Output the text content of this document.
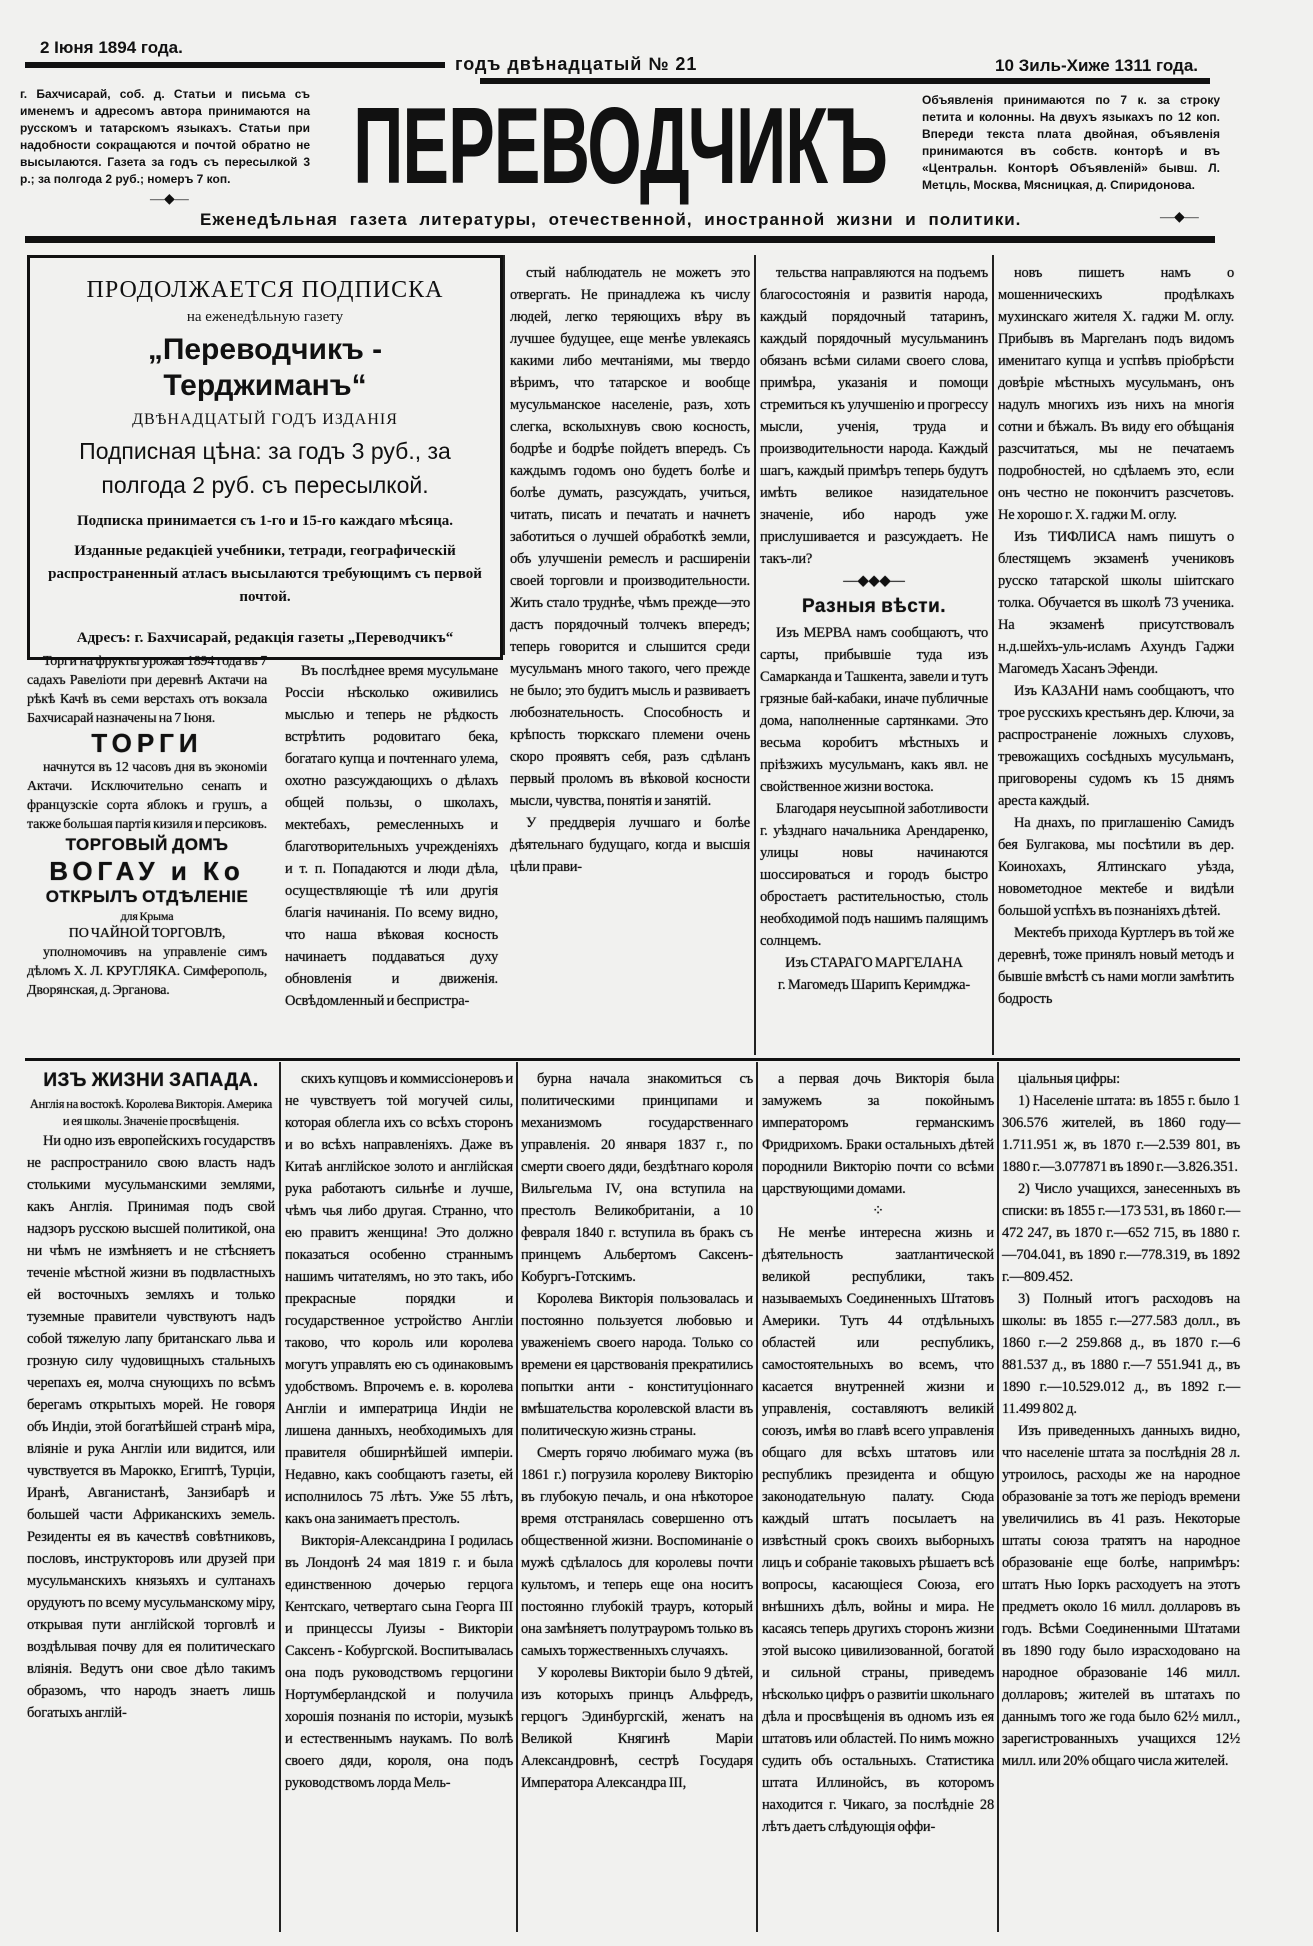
2 Іюня 1894 года.
годъ двѣнадцатый № 21	10 Зиль-Хиже 1311 года.
г. Бахчисарай, соб. д. Статьи и письма съ именемъ и адресомъ автора принимаются на русскомъ и татарскомъ языкахъ. Статьи при надобности сокращаются и почтой обратно не высылаются. Газета за годъ съ пересылкой 3 р.; за полгода 2 руб.; номеръ 7 коп.
—◆—	ПЕРЕВОДЧИКЪ	Объявленія принимаются по 7 к. за строку петита и колонны. На двухъ языкахъ по 12 коп. Впереди текста плата двойная, объявленія принимаются въ собств. конторѣ и въ «Центральн. Конторѣ Объявленій» бывш. Л. Метцль, Москва, Мясницкая, д. Спиридонова.
—◆—
Еженедѣльная газета литературы, отечественной, иностранной жизни и политики.
ПРОДОЛЖАЕТСЯ ПОДПИСКА
на еженедѣльную газету
„Переводчикъ - Терджиманъ“
ДВѢНАДЦАТЫЙ ГОДЪ ИЗДАНІЯ
Подписная цѣна: за годъ 3 руб., за полгода 2 руб. съ пересылкой.
Подписка принимается съ 1-го и 15-го каждаго мѣсяца.
Изданные редакціей учебники, тетради, географическій распространенный атласъ высылаются требующимъ съ первой почтой.
Адресъ: г. Бахчисарай, редакція газеты „Переводчикъ“

Торги на фрукты урожая 1894 года въ 7 садахъ Равеліоти при деревнѣ Актачи на рѣкѣ Качѣ въ семи верстахъ отъ вокзала Бахчисарай назначены на 7 Іюня.

ТОРГИ

начнутся въ 12 часовъ дня въ экономіи Актачи. Исключительно сенапъ и французскіе сорта яблокъ и грушъ, а также большая партія кизиля и персиковъ.

ТОРГОВЫЙ ДОМЪ

ВОГАУ и Ко

ОТКРЫЛЪ ОТДѢЛЕНІЕ

для Крыма

ПО ЧАЙНОЙ ТОРГОВЛѢ,

уполномочивъ на управленіе симъ дѣломъ Х. Л. КРУГЛЯКА. Симферополь, Дворянская, д. Эрганова.

Въ послѣднее время мусульмане Россіи нѣсколько оживились мыслью и теперь не рѣдкость встрѣтить родовитаго бека, богатаго купца и почтеннаго улема, охотно разсуждающихъ о дѣлахъ общей пользы, о школахъ, мектебахъ, ремесленныхъ и благотворительныхъ учрежденіяхъ и т. п. Попадаются и люди дѣла, осуществляющіе тѣ или другія благія начинанія. По всему видно, что наша вѣковая косность начинаетъ поддаваться духу обновленія и движенія. Освѣдомленный и беспристра-

стый наблюдатель не можетъ это отвергать. Не принадлежа къ числу людей, легко теряющихъ вѣру въ лучшее будущее, еще менѣе увлекаясь какими либо мечтаніями, мы твердо вѣримъ, что татарское и вообще мусульманское населеніе, разъ, хоть слегка, всколыхнувъ свою косность, бодрѣе и бодрѣе пойдетъ впередъ. Съ каждымъ годомъ оно будетъ болѣе и болѣе думать, разсуждать, учиться, читать, писать и печатать и начнетъ заботиться о лучшей обработкѣ земли, объ улучшеніи ремеслъ и расширеніи своей торговли и производительности. Жить стало труднѣе, чѣмъ прежде—это дастъ порядочный толчекъ впередъ; теперь говорится и слышится среди мусульманъ много такого, чего прежде не было; это будитъ мысль и развиваетъ любознательность. Способность и крѣпость тюркскаго племени очень скоро проявятъ себя, разъ сдѣланъ первый проломъ въ вѣковой косности мысли, чувства, понятія и занятій.

У преддверія лучшаго и болѣе дѣятельнаго будущаго, когда и высшія цѣли прави-

тельства направляются на подъемъ благосостоянія и развитія народа, каждый порядочный татаринъ, каждый порядочный мусульманинъ обязанъ всѣми силами своего слова, примѣра, указанія и помощи стремиться къ улучшенію и прогрессу мысли, ученія, труда и производительности народа. Каждый шагъ, каждый примѣръ теперь будутъ имѣть великое назидательное значеніе, ибо народъ уже прислушивается и разсуждаетъ. Не такъ-ли?

—◆◆◆—

Разныя вѣсти.

Изъ МЕРВА намъ сообщаютъ, что сарты, прибывшіе туда изъ Самарканда и Ташкента, завели и тутъ грязные бай-кабаки, иначе публичные дома, наполненные сартянками. Это весьма коробитъ мѣстныхъ и пріѣзжихъ мусульманъ, какъ явл. не свойственное жизни востока.

Благодаря неусыпной заботливости г. уѣзднаго начальника Арендаренко, улицы новы начинаются шоссироваться и городъ быстро обростаетъ растительностью, столь необходимой подъ нашимъ палящимъ солнцемъ.

Изъ СТАРАГО МАРГЕЛАНА

г. Магомедъ Шарипъ Керимджа-

новъ пишетъ намъ о мошенническихъ продѣлкахъ мухинскаго жителя Х. гаджи М. оглу. Прибывъ въ Маргеланъ подъ видомъ именитаго купца и успѣвъ пріобрѣсти довѣріе мѣстныхъ мусульманъ, онъ надулъ многихъ изъ нихъ на многія сотни и бѣжалъ. Въ виду его обѣщанія разсчитаться, мы не печатаемъ подробностей, но сдѣлаемъ это, если онъ честно не покончитъ разсчетовъ. Не хорошо г. Х. гаджи М. оглу.

Изъ ТИФЛИСА намъ пишутъ о блестящемъ экзаменѣ учениковъ русско татарской школы шіитскаго толка. Обучается въ школѣ 73 ученика. На экзаменѣ присутствовалъ н.д.шейхъ-уль-исламъ Ахундъ Гаджи Магомедъ Хасанъ Эфенди.

Изъ КАЗАНИ намъ сообщаютъ, что трое русскихъ крестьянъ дер. Ключи, за распространеніе ложныхъ слуховъ, тревожащихъ сосѣдныхъ мусульманъ, приговорены судомъ къ 15 днямъ ареста каждый.

На днахъ, по приглашенію Самидъ бея Булгакова, мы посѣтили въ дер. Коинохахъ, Ялтинскаго уѣзда, новометодное мектебе и видѣли большой успѣхъ въ познаніяхъ дѣтей.

Мектебъ прихода Куртлеръ въ той же деревнѣ, тоже принялъ новый методъ и бывшіе вмѣстѣ съ нами могли замѣтить бодрость

ИЗЪ ЖИЗНИ ЗАПАДА.

Англія на востокѣ. Королева Викторія. Америка и ея школы. Значеніе просвѣщенія.

Ни одно изъ европейскихъ государствъ не распространило свою власть надъ столькими мусульманскими землями, какъ Англія. Принимая подъ свой надзоръ русскою высшей политикой, она ни чѣмъ не измѣняетъ и не стѣсняетъ теченіе мѣстной жизни въ подвластныхъ ей восточныхъ земляхъ и только туземные правители чувствуютъ надъ собой тяжелую лапу британскаго льва и грозную силу чудовищныхъ стальныхъ черепахъ ея, молча снующихъ по всѣмъ берегамъ открытыхъ морей. Не говоря объ Индіи, этой богатѣйшей странѣ міра, вліяніе и рука Англіи или видится, или чувствуется въ Марокко, Египтѣ, Турціи, Иранѣ, Авганистанѣ, Занзибарѣ и большей части Африканскихъ земель. Резиденты ея въ качествѣ совѣтниковъ, пословъ, инструкторовъ или друзей при мусульманскихъ князьяхъ и султанахъ орудуютъ по всему мусульманскому міру, открывая пути англійской торговлѣ и воздѣлывая почву для ея политическаго вліянія. Ведутъ они свое дѣло такимъ образомъ, что народъ знаетъ лишь богатыхъ англій-

скихъ купцовъ и коммиссіонеровъ и не чувствуетъ той могучей силы, которая облегла ихъ со всѣхъ сторонъ и во всѣхъ направленіяхъ. Даже въ Китаѣ англійское золото и англійская рука работаютъ сильнѣе и лучше, чѣмъ чья либо другая. Странно, что ею правитъ женщина! Это должно показаться особенно страннымъ нашимъ читателямъ, но это такъ, ибо прекрасные порядки и государственное устройство Англіи таково, что король или королева могутъ управлять ею съ одинаковымъ удобствомъ. Впрочемъ е. в. королева Англіи и императрица Индіи не лишена данныхъ, необходимыхъ для правителя обширнѣйшей имперіи. Недавно, какъ сообщаютъ газеты, ей исполнилось 75 лѣтъ. Уже 55 лѣтъ, какъ она занимаетъ престолъ.

Викторія-Александрина I родилась въ Лондонѣ 24 мая 1819 г. и была единственною дочерью герцога Кентскаго, четвертаго сына Георга III и принцессы Луизы - Викторіи Саксенъ - Кобургской. Воспитывалась она подъ руководствомъ герцогини Нортумберландской и получила хорошія познанія по исторіи, музыкѣ и естественнымъ наукамъ. По волѣ своего дяди, короля, она подъ руководствомъ лорда Мель-

бурна начала знакомиться съ политическими принципами и механизмомъ государственнаго управленія. 20 января 1837 г., по смерти своего дяди, бездѣтнаго короля Вильгельма IV, она вступила на престолъ Великобританіи, а 10 февраля 1840 г. вступила въ бракъ съ принцемъ Альбертомъ Саксенъ-Кобургъ-Готскимъ.

Королева Викторія пользовалась и постоянно пользуется любовью и уваженіемъ своего народа. Только со времени ея царствованія прекратились попытки анти - конституціоннаго вмѣшательства королевской власти въ политическую жизнь страны.

Смерть горячо любимаго мужа (въ 1861 г.) погрузила королеву Викторію въ глубокую печаль, и она нѣкоторое время отстранялась совершенно отъ общественной жизни. Воспоминаніе о мужѣ сдѣлалось для королевы почти культомъ, и теперь еще она носитъ постоянно глубокій трауръ, который она замѣняетъ полутрауромъ только въ самыхъ торжественныхъ случаяхъ.

У королевы Викторіи было 9 дѣтей, изъ которыхъ принцъ Альфредъ, герцогъ Эдинбургскій, женатъ на Великой Княгинѣ Маріи Александровнѣ, сестрѣ Государя Императора Александра III,

а первая дочь Викторія была замужемъ за покойнымъ императоромъ германскимъ Фридрихомъ. Браки остальныхъ дѣтей породнили Викторію почти со всѣми царствующими домами.

⁘

Не менѣе интересна жизнь и дѣятельность заатлантической великой республики, такъ называемыхъ Соединенныхъ Штатовъ Америки. Тутъ 44 отдѣльныхъ областей или республикъ, самостоятельныхъ во всемъ, что касается внутренней жизни и управленія, составляютъ великій союзъ, имѣя во главѣ всего управленія общаго для всѣхъ штатовъ или республикъ президента и общую законодательную палату. Сюда каждый штатъ посылаетъ на извѣстный срокъ своихъ выборныхъ лицъ и собраніе таковыхъ рѣшаетъ всѣ вопросы, касающіеся Союза, его внѣшнихъ дѣлъ, войны и мира. Не касаясь теперь другихъ сторонъ жизни этой высоко цивилизованной, богатой и сильной страны, приведемъ нѣсколько цифръ о развитіи школьнаго дѣла и просвѣщенія въ одномъ изъ ея штатовъ или областей. По нимъ можно судить объ остальныхъ. Статистика штата Иллинойсъ, въ которомъ находится г. Чикаго, за послѣдніе 28 лѣтъ даетъ слѣдующія оффи-

ціальныя цифры:

1) Населеніе штата: въ 1855 г. было 1 306.576 жителей, въ 1860 году—1.711.951 ж, въ 1870 г.—2.539 801, въ 1880 г.—3.077871 въ 1890 г.—3.826.351.

2) Число учащихся, занесенныхъ въ списки: въ 1855 г.—173 531, въ 1860 г.—472 247, въ 1870 г.—652 715, въ 1880 г.—704.041, въ 1890 г.—778.319, въ 1892 г.—809.452.

3) Полный итогъ расходовъ на школы: въ 1855 г.—277.583 долл., въ 1860 г.—2 259.868 д., въ 1870 г.—6 881.537 д., въ 1880 г.—7 551.941 д., въ 1890 г.—10.529.012 д., въ 1892 г.—11.499 802 д.

Изъ приведенныхъ данныхъ видно, что населеніе штата за послѣднія 28 л. утроилось, расходы же на народное образованіе за тотъ же періодъ времени увеличились въ 41 разъ. Некоторые штаты союза тратятъ на народное образованіе еще болѣе, напримѣръ: штатъ Нью Іоркъ расходуетъ на этотъ предметъ около 16 милл. долларовъ въ годъ. Всѣми Соединенными Штатами въ 1890 году было израсходовано на народное образованіе 146 милл. долларовъ; жителей въ штатахъ по даннымъ того же года было 62½ милл., зарегистрованныхъ учащихся 12½ милл. или 20% общаго числа жителей.
